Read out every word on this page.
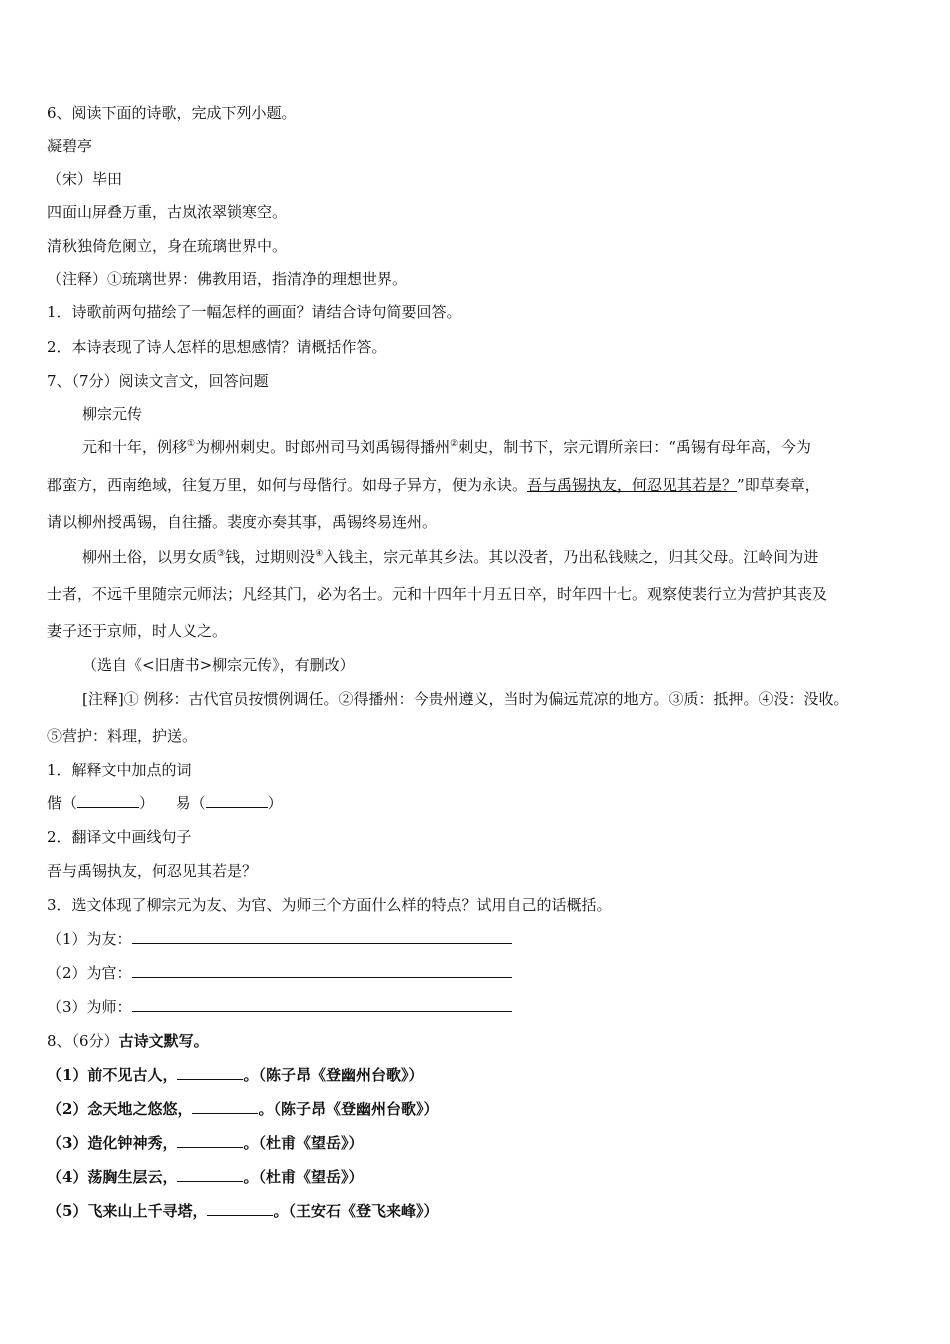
6、阅读下面的诗歌，完成下列小题。
凝碧亭
（宋）毕田
四面山屏叠万重，古岚浓翠锁寒空。
清秋独倚危阑立，身在琉璃世界中。
（注释）①琉璃世界：佛教用语，指清净的理想世界。
1．诗歌前两句描绘了一幅怎样的画面？请结合诗句简要回答。
2．本诗表现了诗人怎样的思想感情？请概括作答。
7、（7分）阅读文言文，回答问题
柳宗元传
元和十年，例移①为柳州刺史。时郎州司马刘禹锡得播州②刺史，制书下，宗元谓所亲曰：“禹锡有母年高，今为
郡蛮方，西南绝域，往复万里，如何与母偕行。如母子异方，便为永诀。吾与禹锡执友，何忍见其若是？”即草奏章，
请以柳州授禹锡，自往播。裴度亦奏其事，禹锡终易连州。
柳州土俗，以男女质③钱，过期则没④入钱主，宗元革其乡法。其以没者，乃出私钱赎之，归其父母。江岭间为进
士者，不远千里随宗元师法；凡经其门，必为名士。元和十四年十月五日卒，时年四十七。观察使裴行立为营护其丧及
妻子还于京师，时人义之。
（选自《<旧唐书>柳宗元传》，有删改）
[注释]① 例移：古代官员按惯例调任。②得播州：今贵州遵义，当时为偏远荒凉的地方。③质：抵押。④没：没收。
⑤营护：料理，护送。
1．解释文中加点的词
偕（	） 易（	）
2．翻译文中画线句子
吾与禹锡执友，何忍见其若是？
3．选文体现了柳宗元为友、为官、为师三个方面什么样的特点？试用自己的话概括。
（1）为友：
（2）为官：
（3）为师：
8、（6分）古诗文默写。
（1）前不见古人，	。（陈子昂《登幽州台歌》）
（2）念天地之悠悠，	。（陈子昂《登幽州台歌》）
（3）造化钟神秀，	。（杜甫《望岳》）
（4）荡胸生层云，	。（杜甫《望岳》）
（5）飞来山上千寻塔，	。（王安石《登飞来峰》）
